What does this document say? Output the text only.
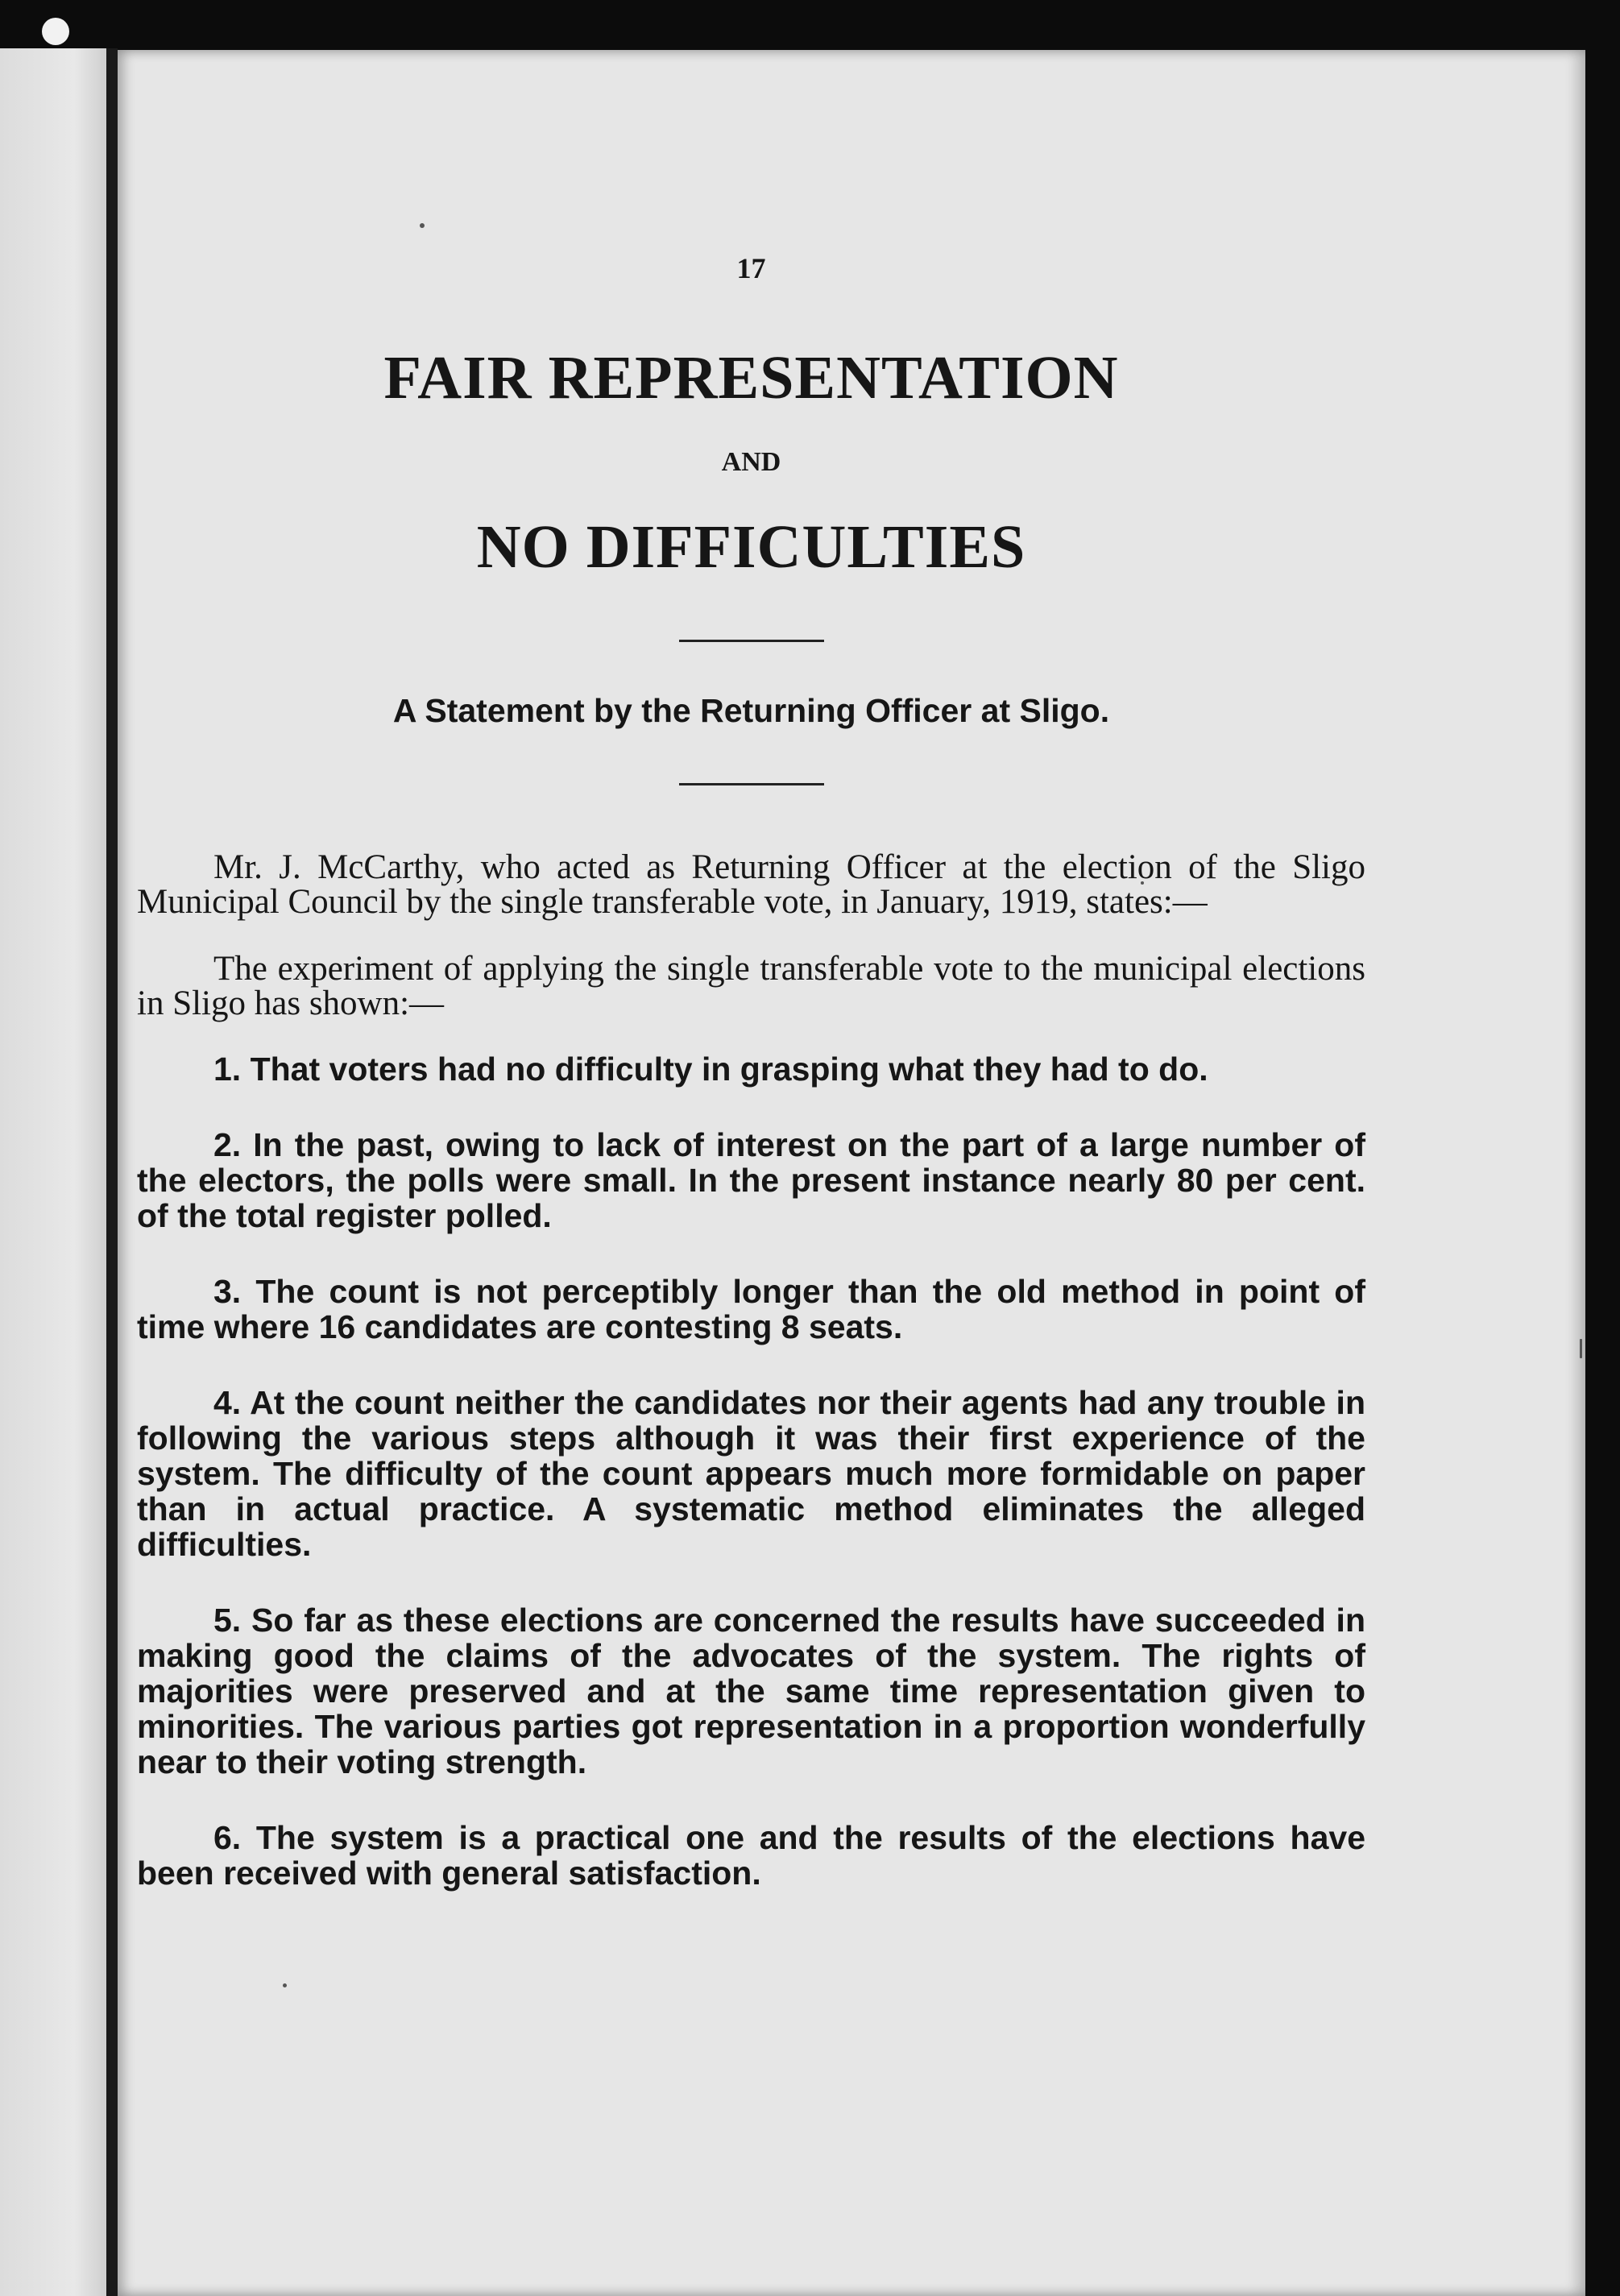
17
FAIR REPRESENTATION
AND
NO DIFFICULTIES
A Statement by the Returning Officer at Sligo.

Mr. J. McCarthy, who acted as Returning Officer at the election of the Sligo Municipal Council by the single transferable vote, in January, 1919, states:—

The experiment of applying the single transferable vote to the municipal elections in Sligo has shown:—

1. That voters had no difficulty in grasping what they had to do.

2. In the past, owing to lack of interest on the part of a large number of the electors, the polls were small. In the present instance nearly 80 per cent. of the total register polled.

3. The count is not perceptibly longer than the old method in point of time where 16 candidates are contesting 8 seats.

4. At the count neither the candidates nor their agents had any trouble in following the various steps although it was their first experience of the system. The difficulty of the count appears much more formidable on paper than in actual practice. A systematic method eliminates the alleged difficulties.

5. So far as these elections are concerned the results have succeeded in making good the claims of the advocates of the system. The rights of majorities were preserved and at the same time representation given to minorities. The various parties got representation in a proportion wonderfully near to their voting strength.

6. The system is a practical one and the results of the elections have been received with general satisfaction.
